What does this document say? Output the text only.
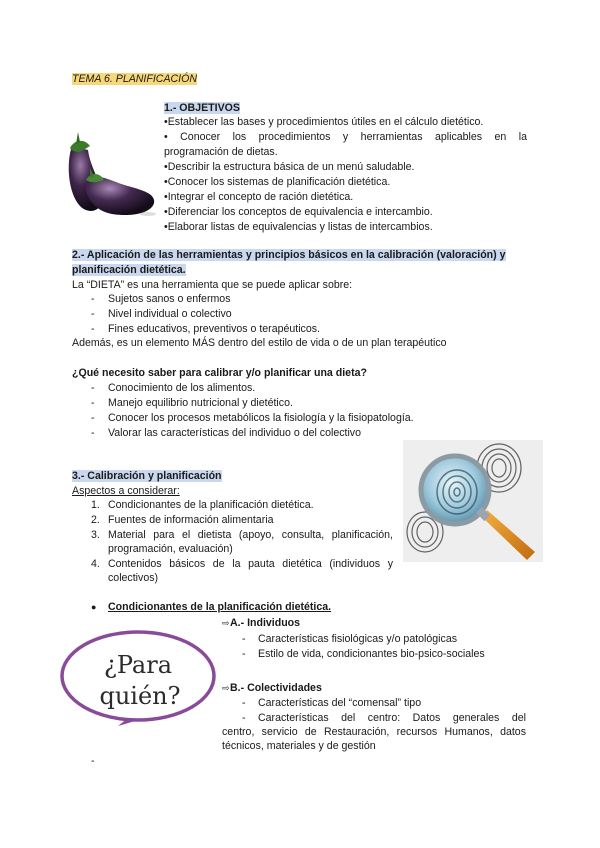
TEMA 6. PLANIFICACIÓN
1.- OBJETIVOS
•Establecer las bases y procedimientos útiles en el cálculo dietético.
• Conocer los procedimientos y herramientas aplicables en la
programación de dietas.
•Describir la estructura básica de un menú saludable.
•Conocer los sistemas de planificación dietética.
•Integrar el concepto de ración dietética.
•Diferenciar los conceptos de equivalencia e intercambio.
•Elaborar listas de equivalencias y listas de intercambios.
2.- Aplicación de las herramientas y principios básicos en la calibración (valoración) y
planificación dietética.
La “DIETA” es una herramienta que se puede aplicar sobre:
- Sujetos sanos o enfermos
- Nivel individual o colectivo
- Fines educativos, preventivos o terapéuticos.
Además, es un elemento MÁS dentro del estilo de vida o de un plan terapéutico
¿Qué necesito saber para calibrar y/o planificar una dieta?
- Conocimiento de los alimentos.
- Manejo equilibrio nutricional y dietético.
- Conocer los procesos metabólicos la fisiología y la fisiopatología.
- Valorar las características del individuo o del colectivo
3.- Calibración y planificación
Aspectos a considerar:
1. Condicionantes de la planificación dietética.
2. Fuentes de información alimentaria
3. Material para el dietista (apoyo, consulta, planificación,
programación, evaluación)
4. Contenidos básicos de la pauta dietética (individuos y
colectivos)
● Condicionantes de la planificación dietética.
¿Para
quién?
⇨ A.- Individuos
- Características fisiológicas y/o patológicas
- Estilo de vida, condicionantes bio-psico-sociales
⇨ B.- Colectividades
- Características del “comensal” tipo
- Características del centro: Datos generales del
centro, servicio de Restauración, recursos Humanos, datos
técnicos, materiales y de gestión
-
